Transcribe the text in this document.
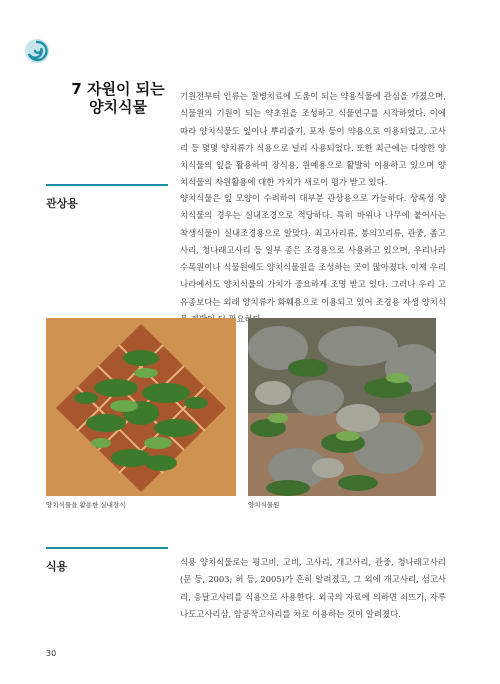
7 자원이 되는
양치식물

기원전부터 인류는 질병치료에 도움이 되는 약용식물에 관심을 가졌으며, 식물원의 기원이 되는 약초원을 조성하고 식물연구를 시작하였다. 이에 따라 양치식물도 잎이나 뿌리줄기, 포자 등이 약용으로 이용되었고, 고사리 등 몇몇 양치류가 식용으로 널리 사용되었다. 또한 최근에는 다양한 양치식물의 잎을 활용하여 장식용, 원예용으로 활발히 이용하고 있으며 양치식물의 자원활용에 대한 가치가 새로이 평가 받고 있다.

관상용	양치식물은 잎 모양이 수려하여 대부분 관상용으로 가능하다. 상록성 양치식물의 경우는 실내조경으로 적당하다. 특히 바위나 나무에 붙어사는 착생식물이 실내조경용으로 알맞다. 최고사리류, 봉의꼬리류, 관중, 좀고사리, 청나래고사리 등 일부 종은 조경용으로 사용하고 있으며, 우리나라 수목원이나 식물원에도 양치식물원을 조성하는 곳이 많아졌다. 이제 우리나라에서도 양치식물의 가치가 중요하게 조명 받고 있다. 그러나 우리 고유종보다는 외래 양치류가 화훼용으로 이용되고 있어 조경용 자생 양치식 필요하다.

양치식물을 활용한 실내장식	양치식물원
식용	식용 양치식물로는 평고비, 고비, 고사리, 개고사리, 관중, 청나래고사리(문 등, 2003; 허 등, 2005)가 흔히 알려졌고, 그 외에 개고사리, 섬고사리, 응달고사리를 식용으로 사용한다. 외국의 자료에 의하면 쇠뜨기, 자루나도고사리삼, 암공작고사리를 차로 이용하는 것이 알려졌다.

30
